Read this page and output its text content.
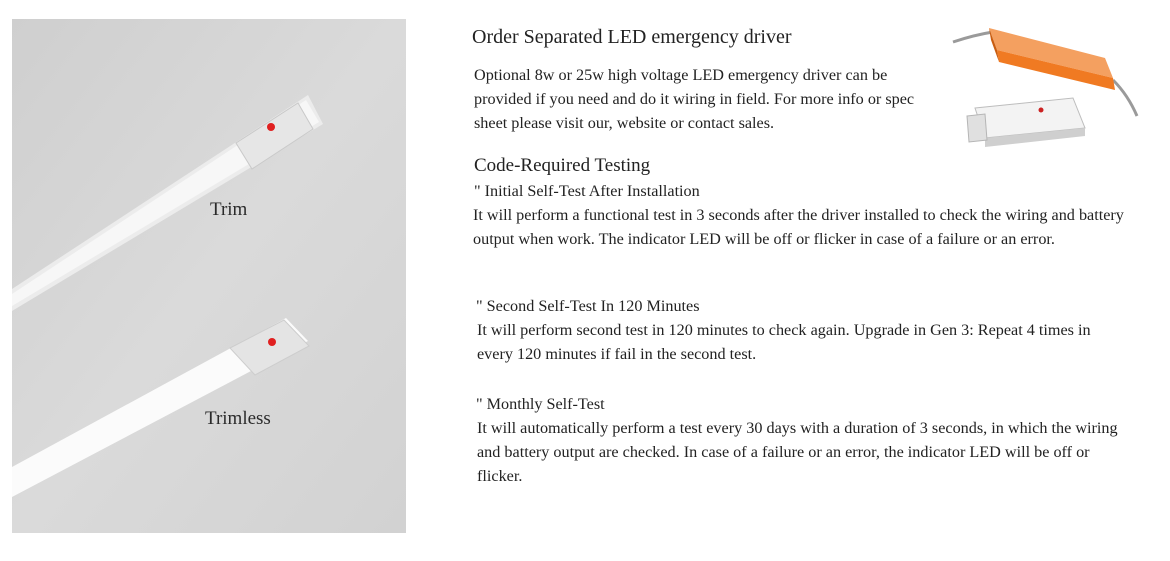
Trim
Trimless
Order Separated LED emergency driver
Optional 8w or 25w high voltage LED emergency driver can be provided if you need and do it wiring in field. For more info or spec sheet please visit our, website or contact sales.
Code-Required Testing
" Initial Self-Test After Installation
It will perform a functional test in 3 seconds after the driver installed to check the wiring and battery output when work. The indicator LED will be off or flicker in case of a failure or an error.
" Second Self-Test In 120 Minutes
It will perform second test in 120 minutes to check again. Upgrade in Gen 3: Repeat 4 times in every 120 minutes if fail in the second test.
" Monthly Self-Test
It will automatically perform a test every 30 days with a duration of 3 seconds, in which the wiring and battery output are checked. In case of a failure or an error, the indicator LED will be off or flicker.
